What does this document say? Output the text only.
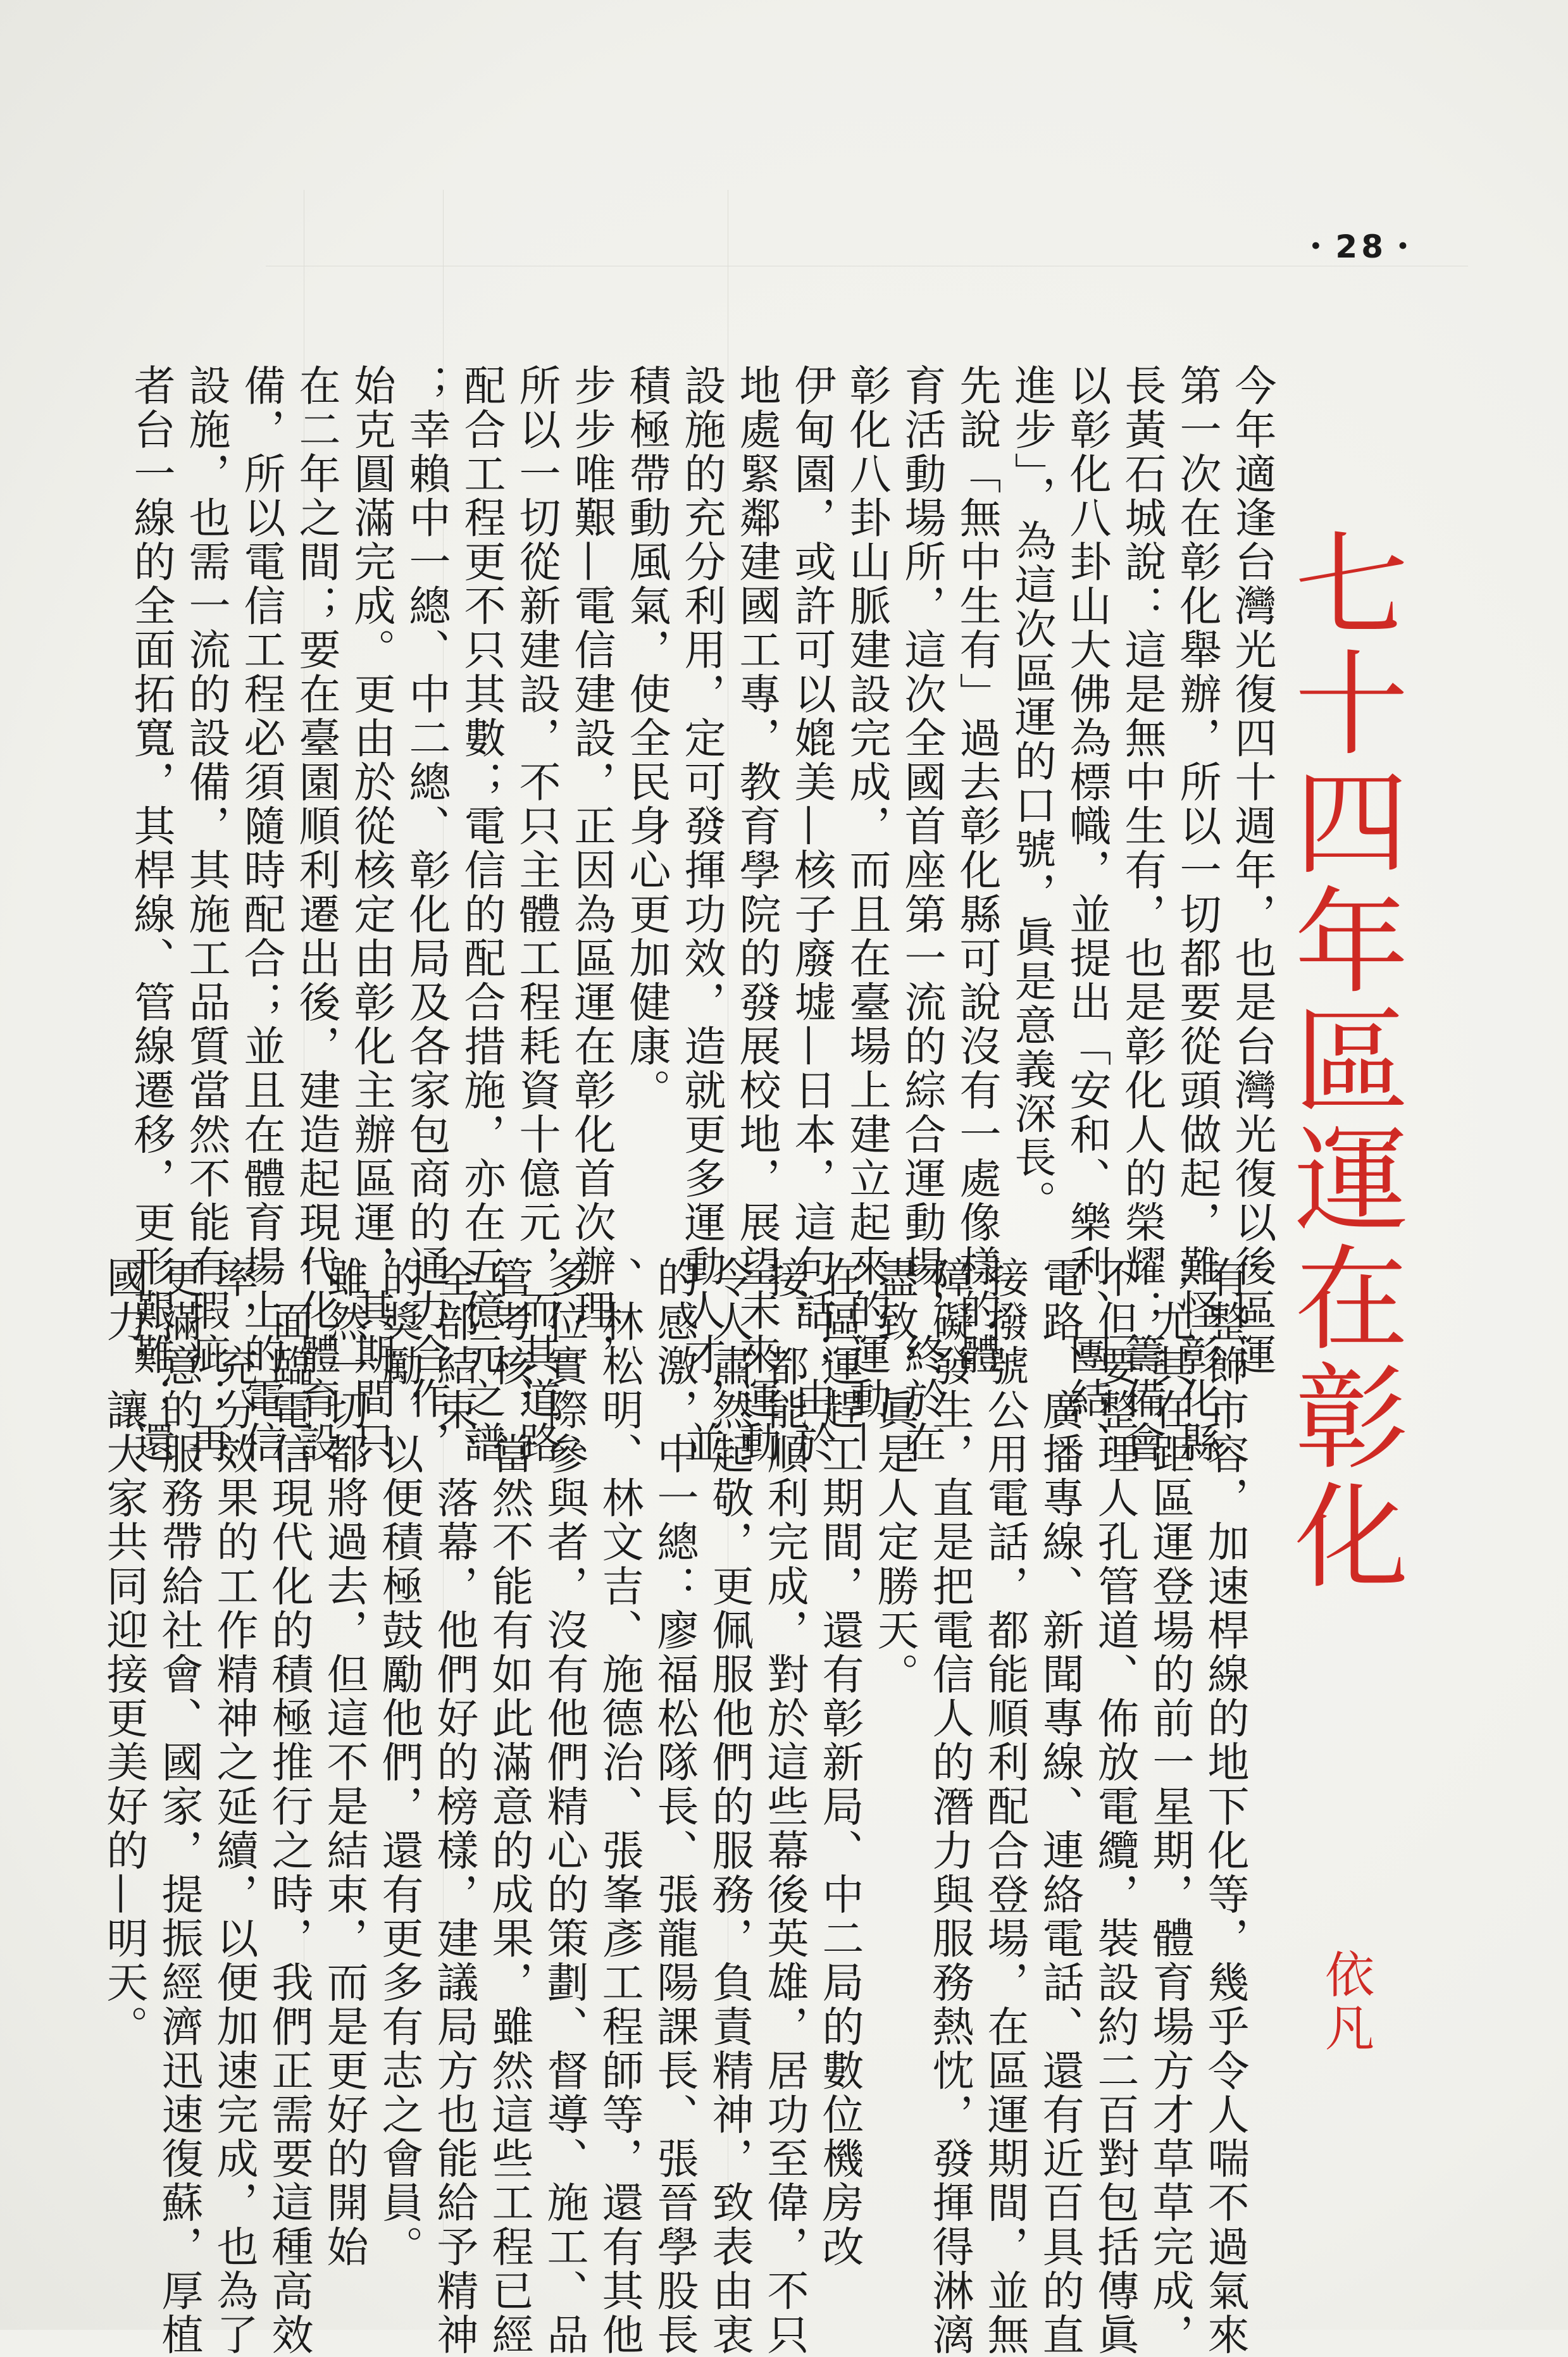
・28・
七十四年區運在彰化
依凡
今年適逢台灣光復四十週年，也是台灣光復以後區運
第一次在彰化舉辦，所以一切都要從頭做起，難怪彰化縣
長黃石城說：這是無中生有，也是彰化人的榮耀；籌備會
以彰化八卦山大佛為標幟，並提出「安和、樂利、團結、
進步」，為這次區運的口號，眞是意義深長。
先說「無中生有」過去彰化縣可說沒有一處像樣的體
育活動場所，這次全國首座第一流的綜合運動場，終於在
彰化八卦山脈建設完成，而且在臺場上建立起來的運動—
伊甸園，或許可以媲美—核子廢墟—日本，這句話；由於
地處緊鄰建國工專，教育學院的發展校地，展望未來運動
設施的充分利用，定可發揮功效，造就更多運動人才，並
積極帶動風氣，使全民身心更加健康。
步步唯艱—電信建設，正因為區運在彰化首次辦理，
所以一切從新建設，不只主體工程耗資十億元，而其道路
配合工程更不只其數；電信的配合措施，亦在五億元之譜
；幸賴中一總、中二總、彰化局及各家包商的通力合作，
始克圓滿完成。更由於從核定由彰化主辦區運，其期間只
在二年之間；要在臺園順利遷出後，建造起現代化體育設
備，所以電信工程必須隨時配合；並且在體育場上的電信
設施，也需一流的設備，其施工品質當然不能有瑕疵；再
者台一線的全面拓寬，其桿線、管線遷移，更形艱難；還
有整飾市容，加速桿線的地下化等，幾乎令人喘不過氣來
；尤其在距區運登場的前一星期，體育場方才草草完成，
不但要整理人孔管道、佈放電纜，裝設約二百對包括傳眞
電路、廣播專線、新聞專線、連絡電話、還有近百具的直
接撥號公用電話，都能順利配合登場，在區運期間，並無
障礙發生，直是把電信人的潛力與服務熱忱，發揮得淋漓
盡致，眞是人定勝天。
在區運趕工期間，還有彰新局、中二局的數位機房改
接，都能順利完成，對於這些幕後英雄，居功至偉，不只
令人肅然起敬，更佩服他們的服務，負責精神，致表由衷
的感激，中一總：廖福松隊長、張龍陽課長、張晉學股長
、林松明、林文吉、施德治、張峯彥工程師等，還有其他
多位實際參與者，沒有他們精心的策劃、督導、施工、品
管考核，當然不能有如此滿意的成果，雖然這些工程已經
全部結束、落幕，他們好的榜樣，建議局方也能給予精神
的獎勵，以便積極鼓勵他們，還有更多有志之會員。
雖然一切都將過去，但這不是結束，而是更好的開始
，面臨電信現代化的積極推行之時，我們正需要這種高效
率，充分效果的工作精神之延續，以便加速完成，也為了
更滿意的服務帶給社會、國家，提振經濟迅速復蘇，厚植
國力，讓大家共同迎接更美好的—明天。
